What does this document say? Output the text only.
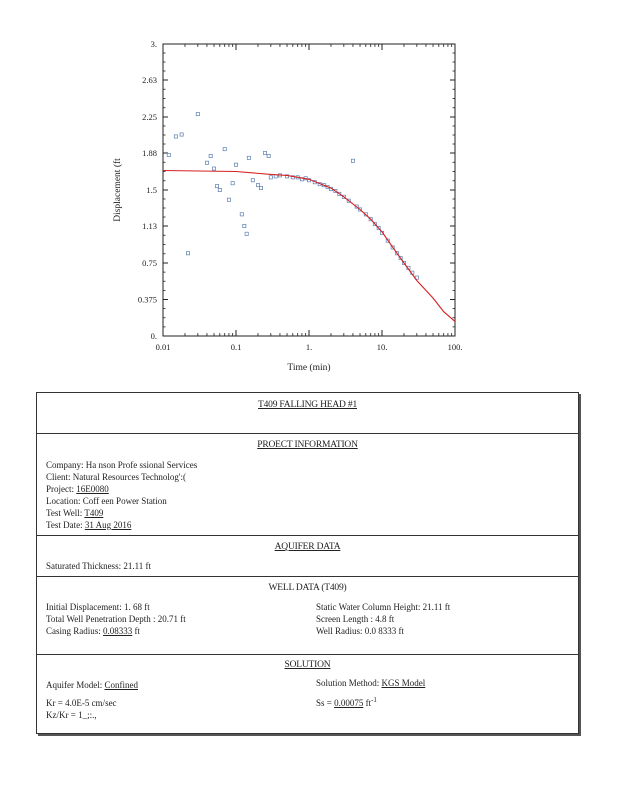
0.
0.375
0.75
1.13
1.5
1.88
2.25
2.63
3.
0.01	0.1	1.	10.	100.
Displacement (ft
Time (min)
T409 FALLING HEAD #1
PROECT INFORMATION
Company: Ha nson Profe ssional Services
Client: Natural Resources Technolog':(
Project: 16E0080
Location: Coff een Power Station
Test Well: T409
Test Date: 31 Aug 2016
AQUIFER DATA
Saturated Thickness: 21.11 ft
WELL DATA (T409)
Initial Displacement: 1. 68 ft	Static Water Column Height: 21.11 ft
Total Well Penetration Depth : 20.71 ft	Screen Length : 4.8 ft
Casing Radius: 0.08333 ft	Well Radius: 0.0 8333 ft
SOLUTION
Aquifer Model: Confined	Solution Method: KGS Model
Kr = 4.0E-5 cm/sec	Ss = 0.00075 $ft^{-1}$
Kz/Kr = 1_;:.,
